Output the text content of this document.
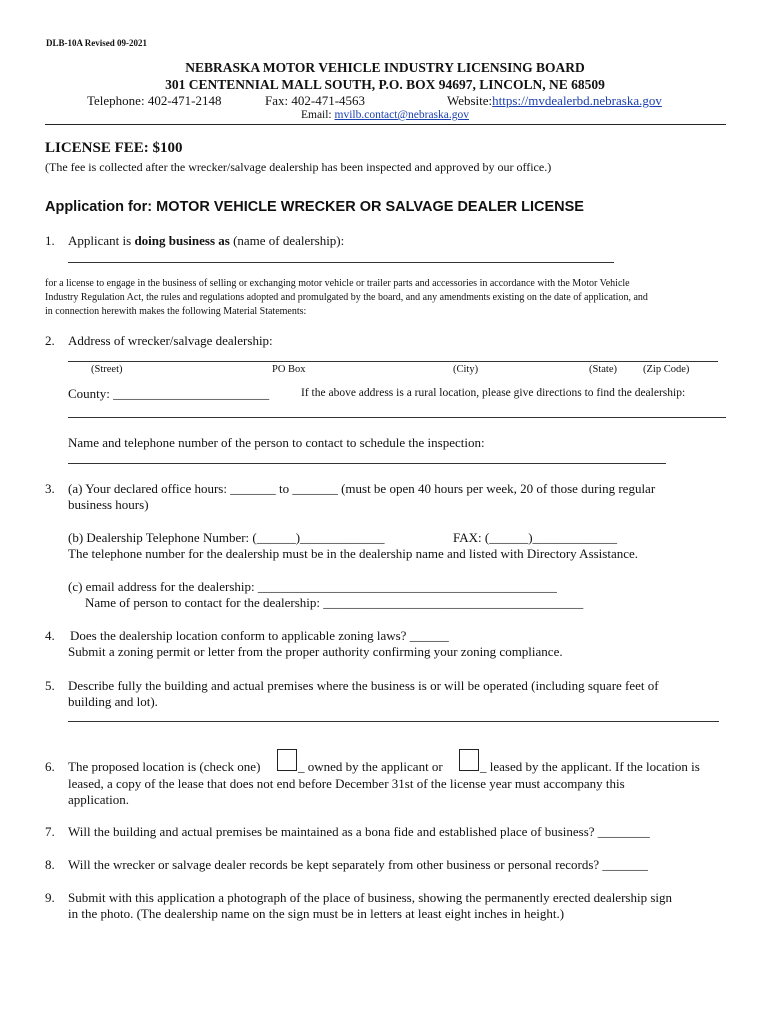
DLB-10A Revised 09-2021
NEBRASKA MOTOR VEHICLE INDUSTRY LICENSING BOARD
301 CENTENNIAL MALL SOUTH, P.O. BOX 94697, LINCOLN, NE 68509
Telephone: 402-471-2148	Fax: 402-471-4563	Website:https://mvdealerbd.nebraska.gov
Email: mvilb.contact@nebraska.gov
LICENSE FEE: $100
(The fee is collected after the wrecker/salvage dealership has been inspected and approved by our office.)
Application for: MOTOR VEHICLE WRECKER OR SALVAGE DEALER LICENSE
1. Applicant is doing business as (name of dealership):
for a license to engage in the business of selling or exchanging motor vehicle or trailer parts and accessories in accordance with the Motor Vehicle
Industry Regulation Act, the rules and regulations adopted and promulgated by the board, and any amendments existing on the date of application, and
in connection herewith makes the following Material Statements:
2. Address of wrecker/salvage dealership:
(Street)	PO Box	(City)	(State) (Zip Code)
County: ________________________	If the above address is a rural location, please give directions to find the dealership:
Name and telephone number of the person to contact to schedule the inspection:
3. (a) Your declared office hours: _______ to _______ (must be open 40 hours per week, 20 of those during regular
business hours)
(b) Dealership Telephone Number: (______)_____________	FAX: (______)_____________
The telephone number for the dealership must be in the dealership name and listed with Directory Assistance.
(c) email address for the dealership: ______________________________________________
Name of person to contact for the dealership: ________________________________________
4. Does the dealership location conform to applicable zoning laws? ______
Submit a zoning permit or letter from the proper authority confirming your zoning compliance.
5. Describe fully the building and actual premises where the business is or will be operated (including square feet of
building and lot).
6. The proposed location is (check one)	_ owned by the applicant or	_ leased by the applicant. If the location is
leased, a copy of the lease that does not end before December 31st of the license year must accompany this
application.
7. Will the building and actual premises be maintained as a bona fide and established place of business? ________
8. Will the wrecker or salvage dealer records be kept separately from other business or personal records? _______
9. Submit with this application a photograph of the place of business, showing the permanently erected dealership sign
in the photo. (The dealership name on the sign must be in letters at least eight inches in height.)
